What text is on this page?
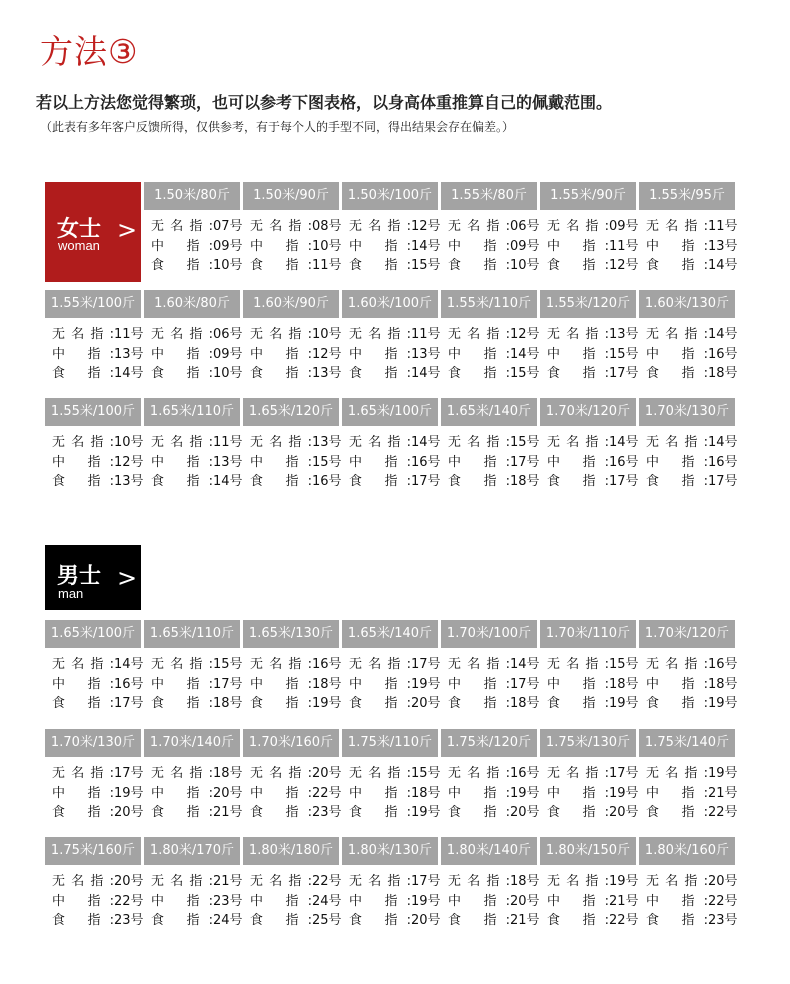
方法③
若以上方法您觉得繁琐，也可以参考下图表格，以身高体重推算自己的佩戴范围。
（此表有多年客户反馈所得，仅供参考，有于每个人的手型不同，得出结果会存在偏差。）
女士
woman
>
1.50米/80斤
无名指:07号
中 指:09号
食 指:10号
1.50米/90斤
无名指:08号
中 指:10号
食 指:11号
1.50米/100斤
无名指:12号
中 指:14号
食 指:15号
1.55米/80斤
无名指:06号
中 指:09号
食 指:10号
1.55米/90斤
无名指:09号
中 指:11号
食 指:12号
1.55米/95斤
无名指:11号
中 指:13号
食 指:14号
1.55米/100斤
无名指:11号
中 指:13号
食 指:14号
1.60米/80斤
无名指:06号
中 指:09号
食 指:10号
1.60米/90斤
无名指:10号
中 指:12号
食 指:13号
1.60米/100斤
无名指:11号
中 指:13号
食 指:14号
1.55米/110斤
无名指:12号
中 指:14号
食 指:15号
1.55米/120斤
无名指:13号
中 指:15号
食 指:17号
1.60米/130斤
无名指:14号
中 指:16号
食 指:18号
1.55米/100斤
无名指:10号
中 指:12号
食 指:13号
1.65米/110斤
无名指:11号
中 指:13号
食 指:14号
1.65米/120斤
无名指:13号
中 指:15号
食 指:16号
1.65米/100斤
无名指:14号
中 指:16号
食 指:17号
1.65米/140斤
无名指:15号
中 指:17号
食 指:18号
1.70米/120斤
无名指:14号
中 指:16号
食 指:17号
1.70米/130斤
无名指:14号
中 指:16号
食 指:17号
男士
man
>
1.65米/100斤
无名指:14号
中 指:16号
食 指:17号
1.65米/110斤
无名指:15号
中 指:17号
食 指:18号
1.65米/130斤
无名指:16号
中 指:18号
食 指:19号
1.65米/140斤
无名指:17号
中 指:19号
食 指:20号
1.70米/100斤
无名指:14号
中 指:17号
食 指:18号
1.70米/110斤
无名指:15号
中 指:18号
食 指:19号
1.70米/120斤
无名指:16号
中 指:18号
食 指:19号
1.70米/130斤
无名指:17号
中 指:19号
食 指:20号
1.70米/140斤
无名指:18号
中 指:20号
食 指:21号
1.70米/160斤
无名指:20号
中 指:22号
食 指:23号
1.75米/110斤
无名指:15号
中 指:18号
食 指:19号
1.75米/120斤
无名指:16号
中 指:19号
食 指:20号
1.75米/130斤
无名指:17号
中 指:19号
食 指:20号
1.75米/140斤
无名指:19号
中 指:21号
食 指:22号
1.75米/160斤
无名指:20号
中 指:22号
食 指:23号
1.80米/170斤
无名指:21号
中 指:23号
食 指:24号
1.80米/180斤
无名指:22号
中 指:24号
食 指:25号
1.80米/130斤
无名指:17号
中 指:19号
食 指:20号
1.80米/140斤
无名指:18号
中 指:20号
食 指:21号
1.80米/150斤
无名指:19号
中 指:21号
食 指:22号
1.80米/160斤
无名指:20号
中 指:22号
食 指:23号
